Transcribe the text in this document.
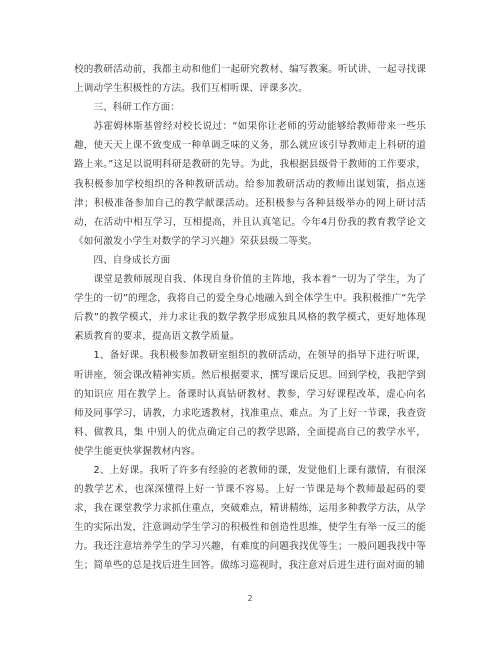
校的教研活动前，我都主动和他们一起研究教材、编写教案。听试讲、一起寻找课上调动学生积极性的方法。我们互相听课、评课多次。

三、科研工作方面：

苏霍姆林斯基曾经对校长说过：“如果你让老师的劳动能够给教师带来一些乐趣，使天天上课不致变成一种单调乏味的义务，那么就应该引导教师走上科研的道路上来。”这足以说明科研是教研的先导。为此，我根据县级骨干教师的工作要求，我积极参加学校组织的各种教研活动。给参加教研活动的教师出谋划策，指点迷津；积极准备参加自己的教学献课活动。还积极参与各种县级举办的网上研讨活动，在活动中相互学习，互相提高，并且认真笔记。今年4月份我的教育教学论文《如何激发小学生对数学的学习兴趣》荣获县级二等奖。

四、自身成长方面

课堂是教师展现自我、体现自身价值的主阵地，我本着“一切为了学生，为了学生的一切”的理念，我将自己的爱全身心地融入到全体学生中。我积极推广“先学后教”的教学模式，并力求让我的数学教学形成独具风格的教学模式，更好地体现素质教育的要求，提高语文教学质量。

1、备好课。我积极参加教研室组织的教研活动，在领导的指导下进行听课，听讲座，领会课改精神实质。然后根据要求，撰写课后反思。回到学校，我把学到的知识应 用在教学上。备课时认真钻研教材、教参，学习好课程改革，虚心向名师及同事学习，请教，力求吃透教材，找准重点、难点。为了上好一节课，我查资料、做教具，集 中别人的优点确定自己的教学思路，全面提高自己的教学水平，使学生能更快掌握教材内容。

2、上好课。我听了许多有经验的老教师的课，发觉他们上课有激情，有很深的教学艺术，也深深懂得上好一节课不容易。上好一节课是每个教师最起码的要求，我在课堂教学力求抓住重点，突破难点，精讲精练，运用多种教学方法，从学生的实际出发，注意调动学生学习的积极性和创造性思维，使学生有举一反三的能力。我还注意培养学生的学习兴趣，有难度的问题我找优等生；一般问题我找中等生；简单些的总是找后进生回答。做练习巡视时，我注意对后进生进行面对面的辅

2
